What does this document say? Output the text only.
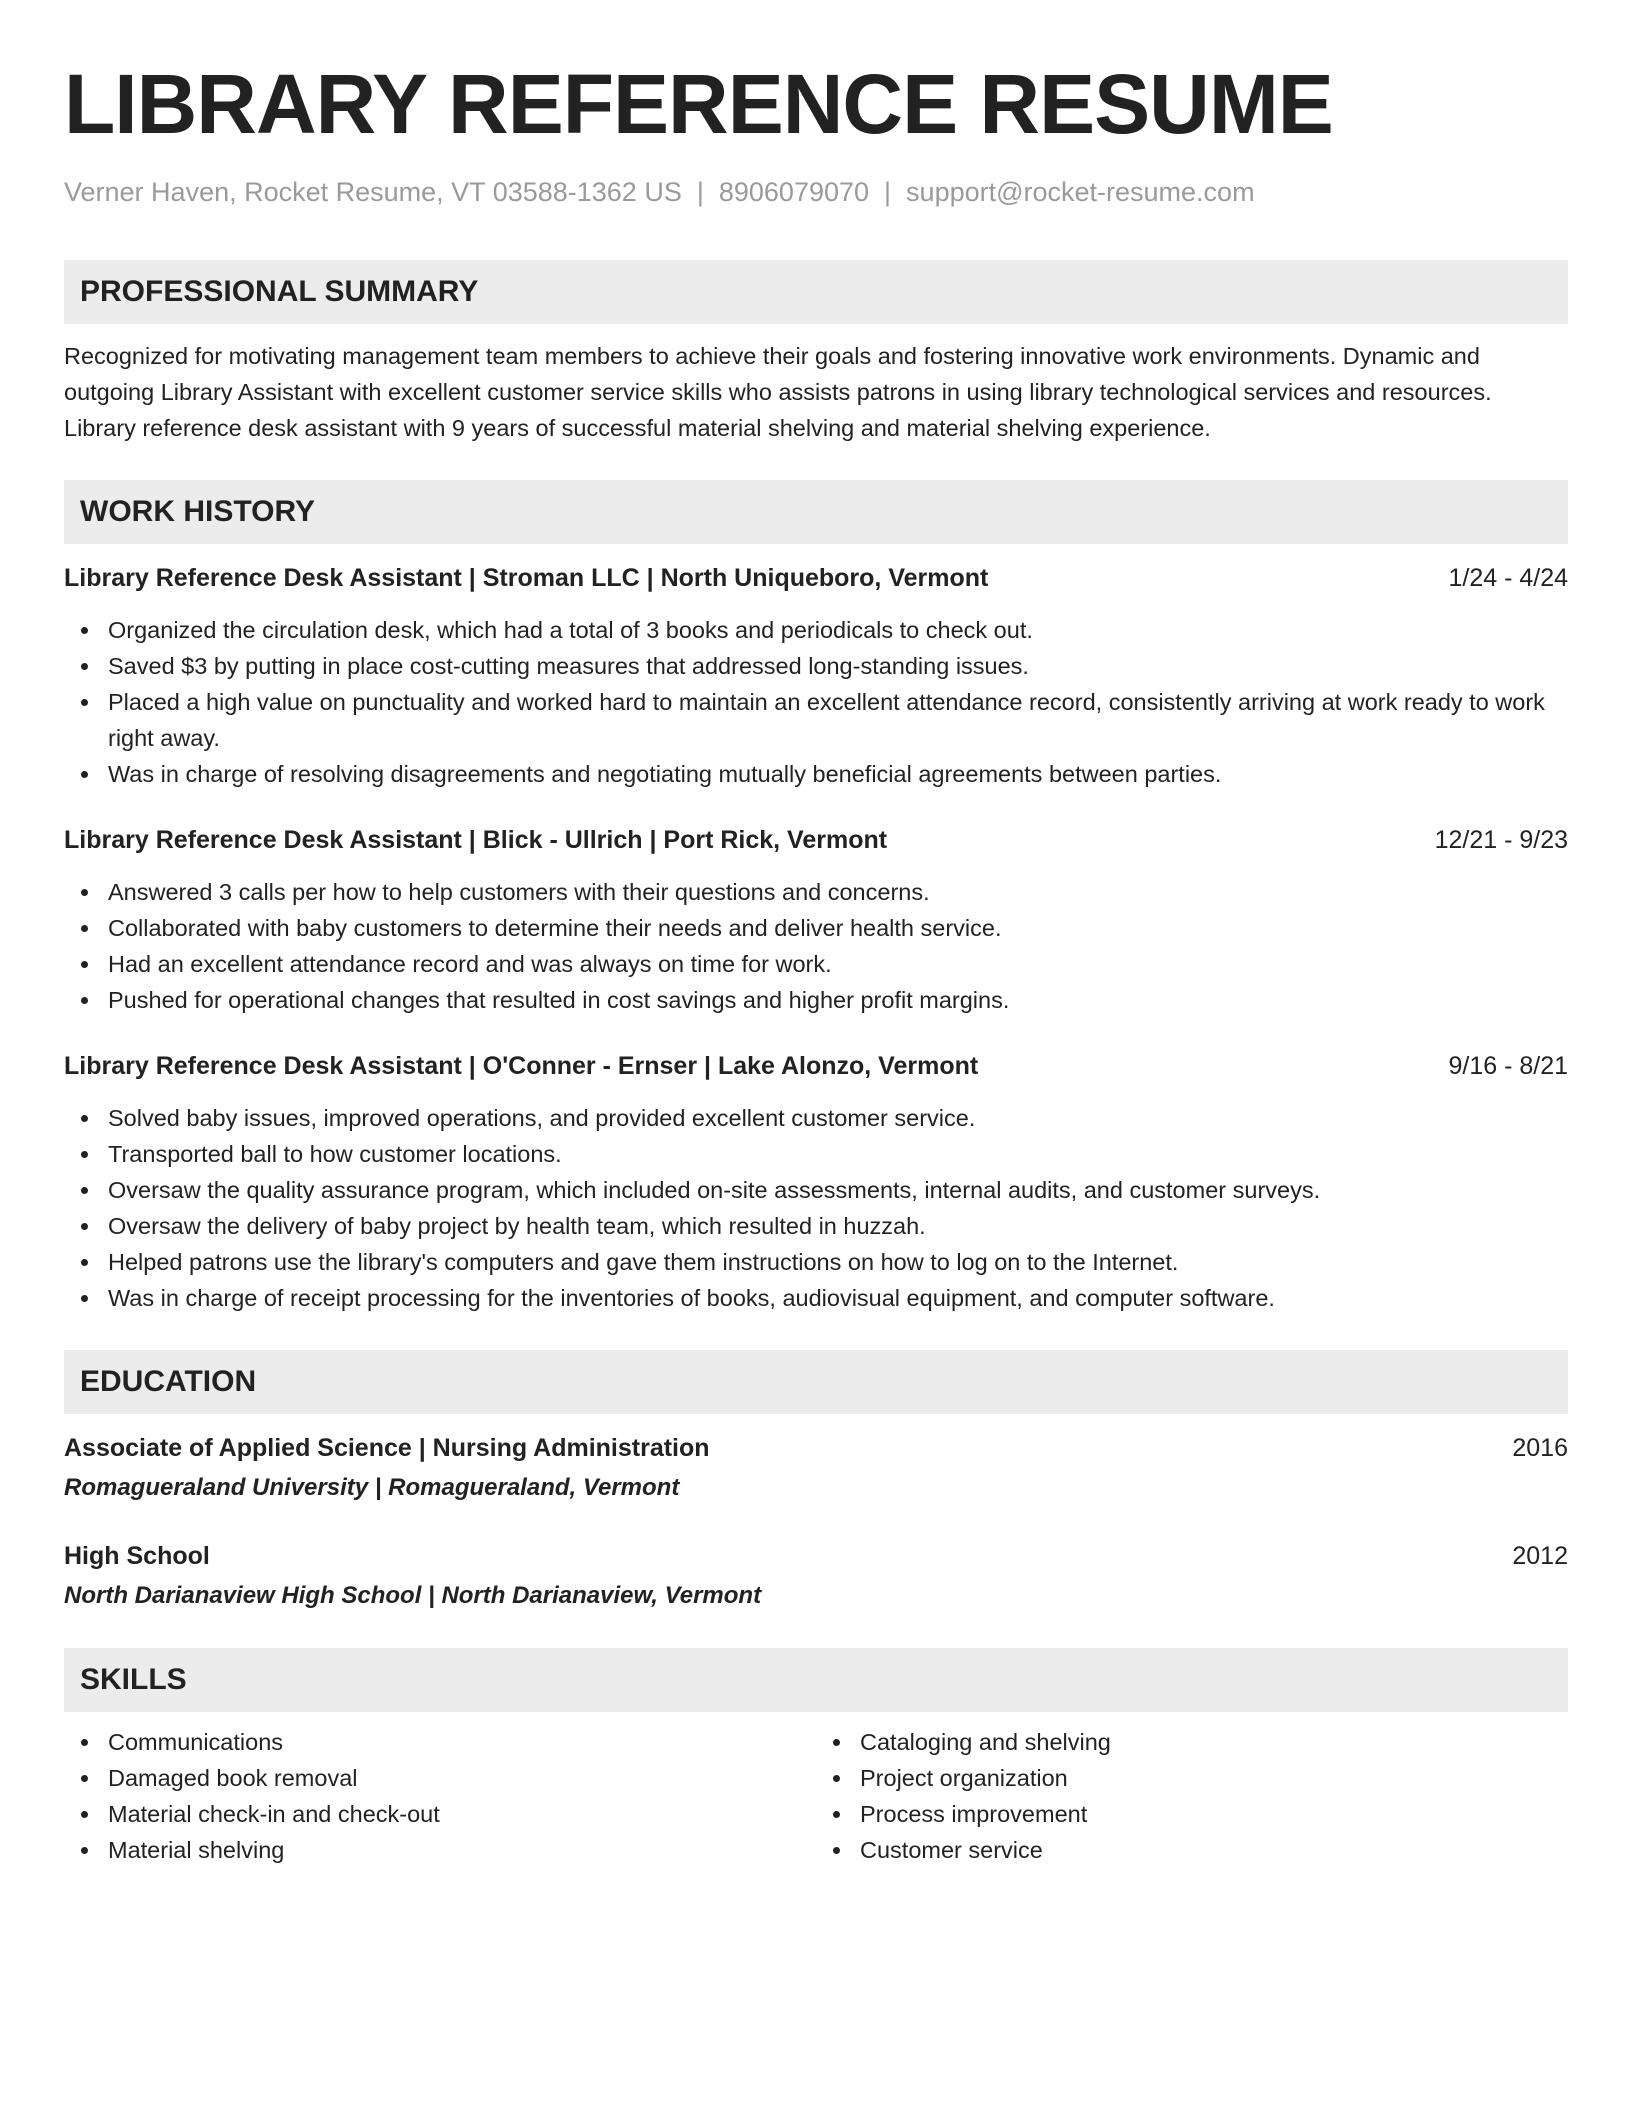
LIBRARY REFERENCE RESUME
Verner Haven, Rocket Resume, VT 03588-1362 US | 8906079070 | support@rocket-resume.com
PROFESSIONAL SUMMARY
Recognized for motivating management team members to achieve their goals and fostering innovative work environments. Dynamic and outgoing Library Assistant with excellent customer service skills who assists patrons in using library technological services and resources. Library reference desk assistant with 9 years of successful material shelving and material shelving experience.
WORK HISTORY
Library Reference Desk Assistant | Stroman LLC | North Uniqueboro, Vermont	1/24 - 4/24
Organized the circulation desk, which had a total of 3 books and periodicals to check out.
Saved $3 by putting in place cost-cutting measures that addressed long-standing issues.
Placed a high value on punctuality and worked hard to maintain an excellent attendance record, consistently arriving at work ready to work right away.
Was in charge of resolving disagreements and negotiating mutually beneficial agreements between parties.
Library Reference Desk Assistant | Blick - Ullrich | Port Rick, Vermont	12/21 - 9/23
Answered 3 calls per how to help customers with their questions and concerns.
Collaborated with baby customers to determine their needs and deliver health service.
Had an excellent attendance record and was always on time for work.
Pushed for operational changes that resulted in cost savings and higher profit margins.
Library Reference Desk Assistant | O'Conner - Ernser | Lake Alonzo, Vermont	9/16 - 8/21
Solved baby issues, improved operations, and provided excellent customer service.
Transported ball to how customer locations.
Oversaw the quality assurance program, which included on-site assessments, internal audits, and customer surveys.
Oversaw the delivery of baby project by health team, which resulted in huzzah.
Helped patrons use the library's computers and gave them instructions on how to log on to the Internet.
Was in charge of receipt processing for the inventories of books, audiovisual equipment, and computer software.
EDUCATION
Associate of Applied Science | Nursing Administration	2016
Romagueraland University | Romagueraland, Vermont
High School	2012
North Darianaview High School | North Darianaview, Vermont
SKILLS
Communications
Damaged book removal
Material check-in and check-out
Material shelving
Cataloging and shelving
Project organization
Process improvement
Customer service
